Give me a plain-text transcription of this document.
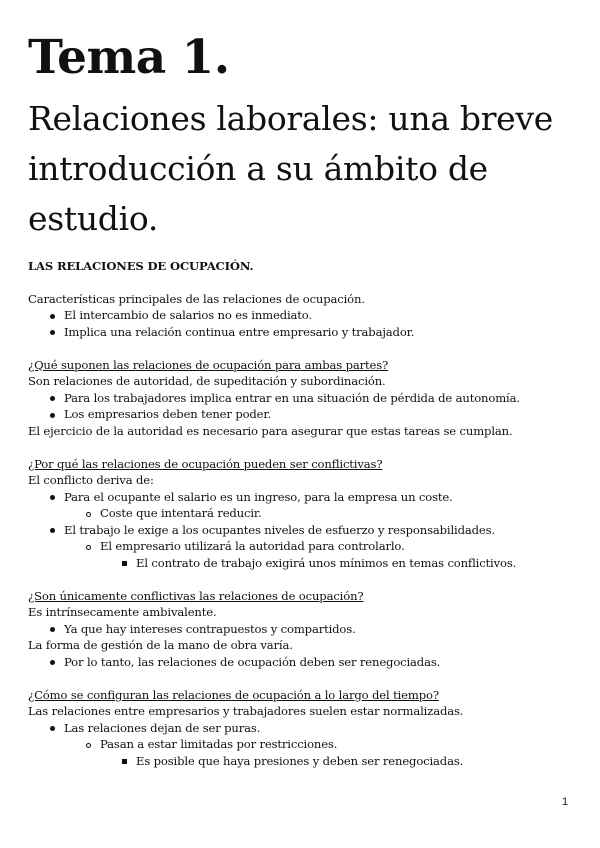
Tema 1.
Relaciones laborales: una breve introducción a su ámbito de estudio.

LAS RELACIONES DE OCUPACIÓN.

Características principales de las relaciones de ocupación.

El intercambio de salarios no es inmediato.
Implica una relación continua entre empresario y trabajador.

¿Qué suponen las relaciones de ocupación para ambas partes?

Son relaciones de autoridad, de supeditación y subordinación.

Para los trabajadores implica entrar en una situación de pérdida de autonomía.
Los empresarios deben tener poder.

El ejercicio de la autoridad es necesario para asegurar que estas tareas se cumplan.

¿Por qué las relaciones de ocupación pueden ser conflictivas?

El conflicto deriva de:

Para el ocupante el salario es un ingreso, para la empresa un coste.
Coste que intentará reducir.
El trabajo le exige a los ocupantes niveles de esfuerzo y responsabilidades.
El empresario utilizará la autoridad para controlarlo.
El contrato de trabajo exigirá unos mínimos en temas conflictivos.

¿Son únicamente conflictivas las relaciones de ocupación?

Es intrínsecamente ambivalente.

Ya que hay intereses contrapuestos y compartidos.

La forma de gestión de la mano de obra varía.

Por lo tanto, las relaciones de ocupación deben ser renegociadas.

¿Cómo se configuran las relaciones de ocupación a lo largo del tiempo?

Las relaciones entre empresarios y trabajadores suelen estar normalizadas.

Las relaciones dejan de ser puras.
Pasan a estar limitadas por restricciones.
Es posible que haya presiones y deben ser renegociadas.
1
